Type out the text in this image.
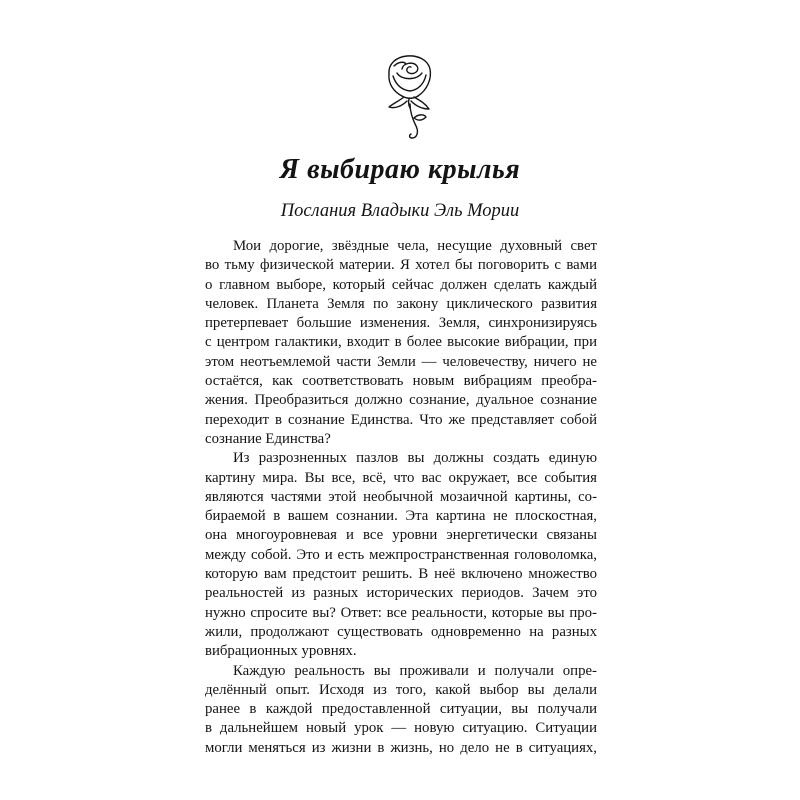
Я выбираю крылья
Послания Владыки Эль Мории
Мои дорогие, звёздные чела, несущие духовный свет
во тьму физической материи. Я хотел бы поговорить с вами
о главном выборе, который сейчас должен сделать каждый
человек. Планета Земля по закону циклического развития
претерпевает большие изменения. Земля, синхронизируясь
с центром галактики, входит в более высокие вибрации, при
этом неотъемлемой части Земли — человечеству, ничего не
остаётся, как соответствовать новым вибрациям преобра-
жения. Преобразиться должно сознание, дуальное сознание
переходит в сознание Единства. Что же представляет собой
сознание Единства?
Из разрозненных пазлов вы должны создать единую
картину мира. Вы все, всё, что вас окружает, все события
являются частями этой необычной мозаичной картины, со-
бираемой в вашем сознании. Эта картина не плоскостная,
она многоуровневая и все уровни энергетически связаны
между собой. Это и есть межпространственная головоломка,
которую вам предстоит решить. В неё включено множество
реальностей из разных исторических периодов. Зачем это
нужно спросите вы? Ответ: все реальности, которые вы про-
жили, продолжают существовать одновременно на разных
вибрационных уровнях.
Каждую реальность вы проживали и получали опре-
делённый опыт. Исходя из того, какой выбор вы делали
ранее в каждой предоставленной ситуации, вы получали
в дальнейшем новый урок — новую ситуацию. Ситуации
могли меняться из жизни в жизнь, но дело не в ситуациях,
